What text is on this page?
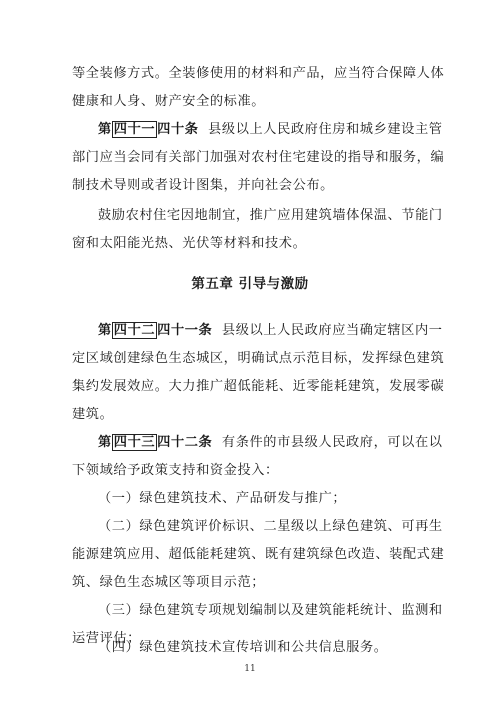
等全装修方式。全装修使用的材料和产品，应当符合保障人体
健康和人身、财产安全的标准。
第 四十一 四十条 县级以上人民政府住房和城乡建设主管
部门应当会同有关部门加强对农村住宅建设的指导和服务，编
制技术导则或者设计图集，并向社会公布。
鼓励农村住宅因地制宜，推广应用建筑墙体保温、节能门
窗和太阳能光热、光伏等材料和技术。
第五章 引导与激励
第 四十二 四十一条 县级以上人民政府应当确定辖区内一
定区域创建绿色生态城区，明确试点示范目标，发挥绿色建筑
集约发展效应。大力推广超低能耗、近零能耗建筑，发展零碳
建筑。
第 四十三 四十二条 有条件的市县级人民政府，可以在以
下领域给予政策支持和资金投入：
（一）绿色建筑技术、产品研发与推广；
（二）绿色建筑评价标识、二星级以上绿色建筑、可再生
能源建筑应用、超低能耗建筑、既有建筑绿色改造、装配式建
筑、绿色生态城区等项目示范；
（三）绿色建筑专项规划编制以及建筑能耗统计、监测和
运营评估；
（四）绿色建筑技术宣传培训和公共信息服务。
11
